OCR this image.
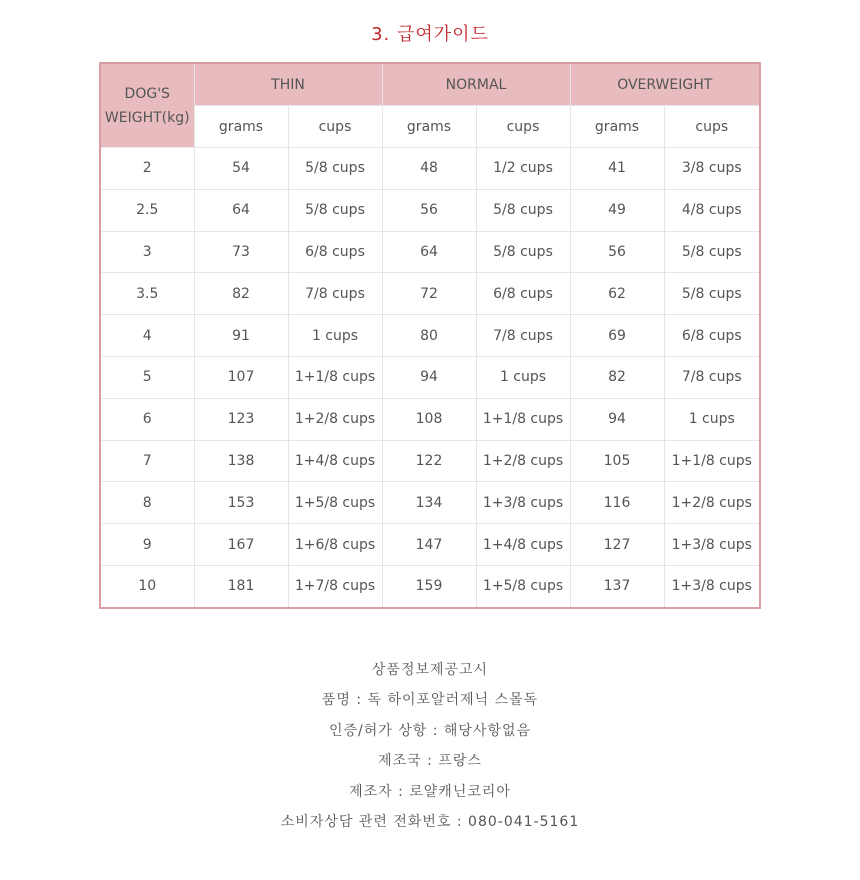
3. 급여가이드
DOG'S
WEIGHT(kg)	THIN		NORMAL		OVERWEIGHT	
	grams	cups	grams	cups	grams	cups
2	54	5/8 cups	48	1/2 cups	41	3/8 cups
2.5	64	5/8 cups	56	5/8 cups	49	4/8 cups
3	73	6/8 cups	64	5/8 cups	56	5/8 cups
3.5	82	7/8 cups	72	6/8 cups	62	5/8 cups
4	91	1 cups	80	7/8 cups	69	6/8 cups
5	107	1+1/8 cups	94	1 cups	82	7/8 cups
6	123	1+2/8 cups	108	1+1/8 cups	94	1 cups
7	138	1+4/8 cups	122	1+2/8 cups	105	1+1/8 cups
8	153	1+5/8 cups	134	1+3/8 cups	116	1+2/8 cups
9	167	1+6/8 cups	147	1+4/8 cups	127	1+3/8 cups
10	181	1+7/8 cups	159	1+5/8 cups	137	1+3/8 cups
상품정보제공고시
품명 : 독 하이포알러제닉 스몰독
인증/허가 상항 : 해당사항없음
제조국 : 프랑스
제조자 : 로얄캐닌코리아
소비자상담 관련 전화번호 : 080-041-5161
